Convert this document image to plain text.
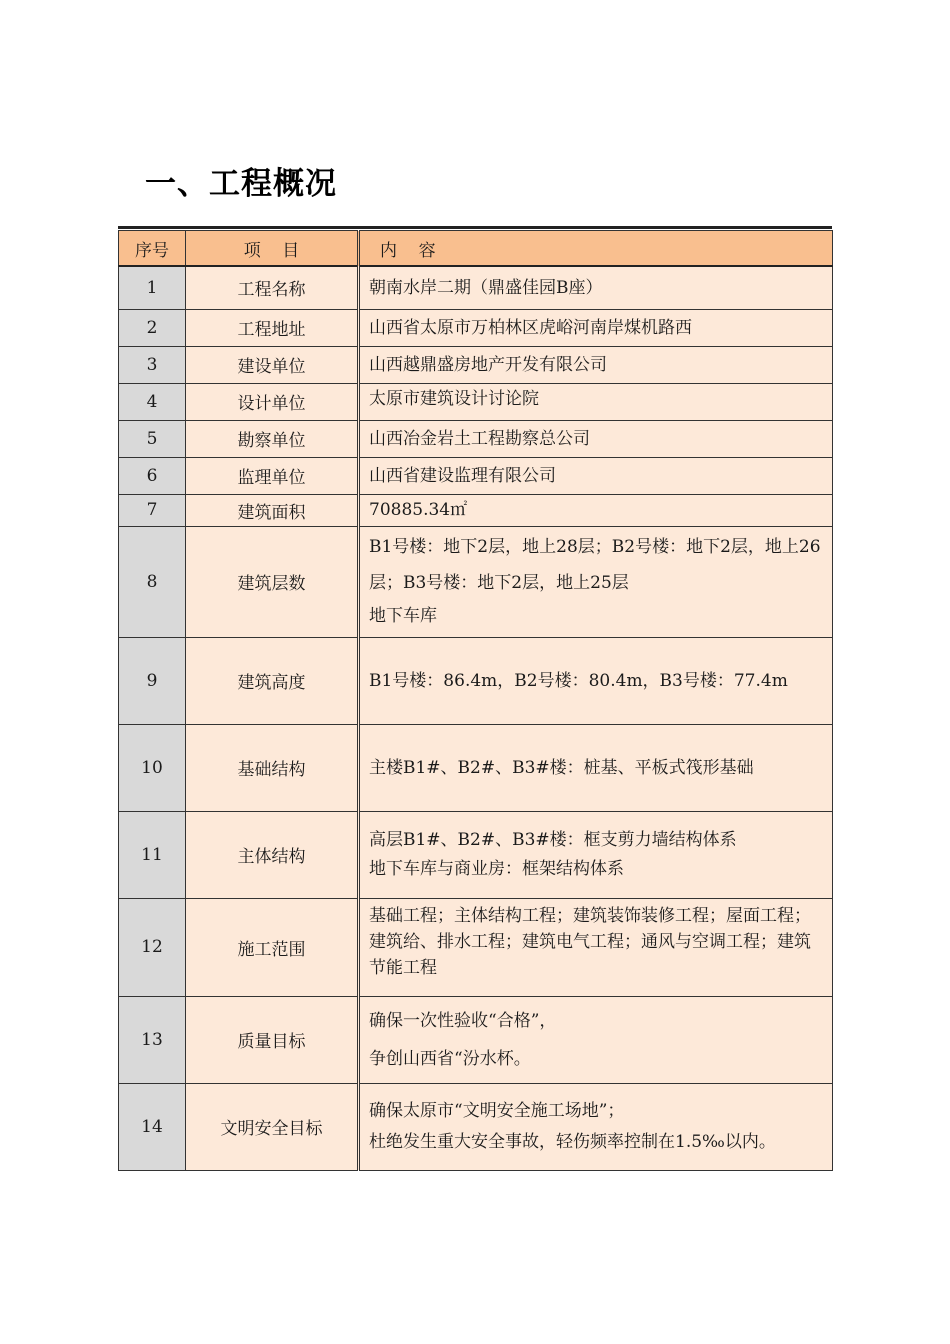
一、工程概况
序号	项    目	内    容
1	工程名称	朝南水岸二期（鼎盛佳园B座）

2	工程地址	山西省太原市万柏林区虎峪河南岸煤机路西

3	建设单位	山西越鼎盛房地产开发有限公司

4	设计单位	太原市建筑设计讨论院

5	勘察单位	山西冶金岩土工程勘察总公司

6	监理单位	山西省建设监理有限公司

7	建筑面积	70885.34㎡

8	建筑层数	B1号楼：地下2层，地上28层；B2号楼：地下2层，地上26层；B3号楼：地下2层，地上25层
地下车库

9	建筑高度	B1号楼：86.4m，B2号楼：80.4m，B3号楼：77.4m

10	基础结构	主楼B1#、B2#、B3#楼：桩基、平板式筏形基础

11	主体结构	高层B1#、B2#、B3#楼：框支剪力墙结构体系
地下车库与商业房：框架结构体系

12	施工范围	基础工程；主体结构工程；建筑装饰装修工程；屋面工程；建筑给、排水工程；建筑电气工程；通风与空调工程；建筑节能工程

13	质量目标	确保一次性验收“合格”，
争创山西省“汾水杯。

14	文明安全目标	确保太原市“文明安全施工场地”；
杜绝发生重大安全事故，轻伤频率控制在1.5‰以内。
